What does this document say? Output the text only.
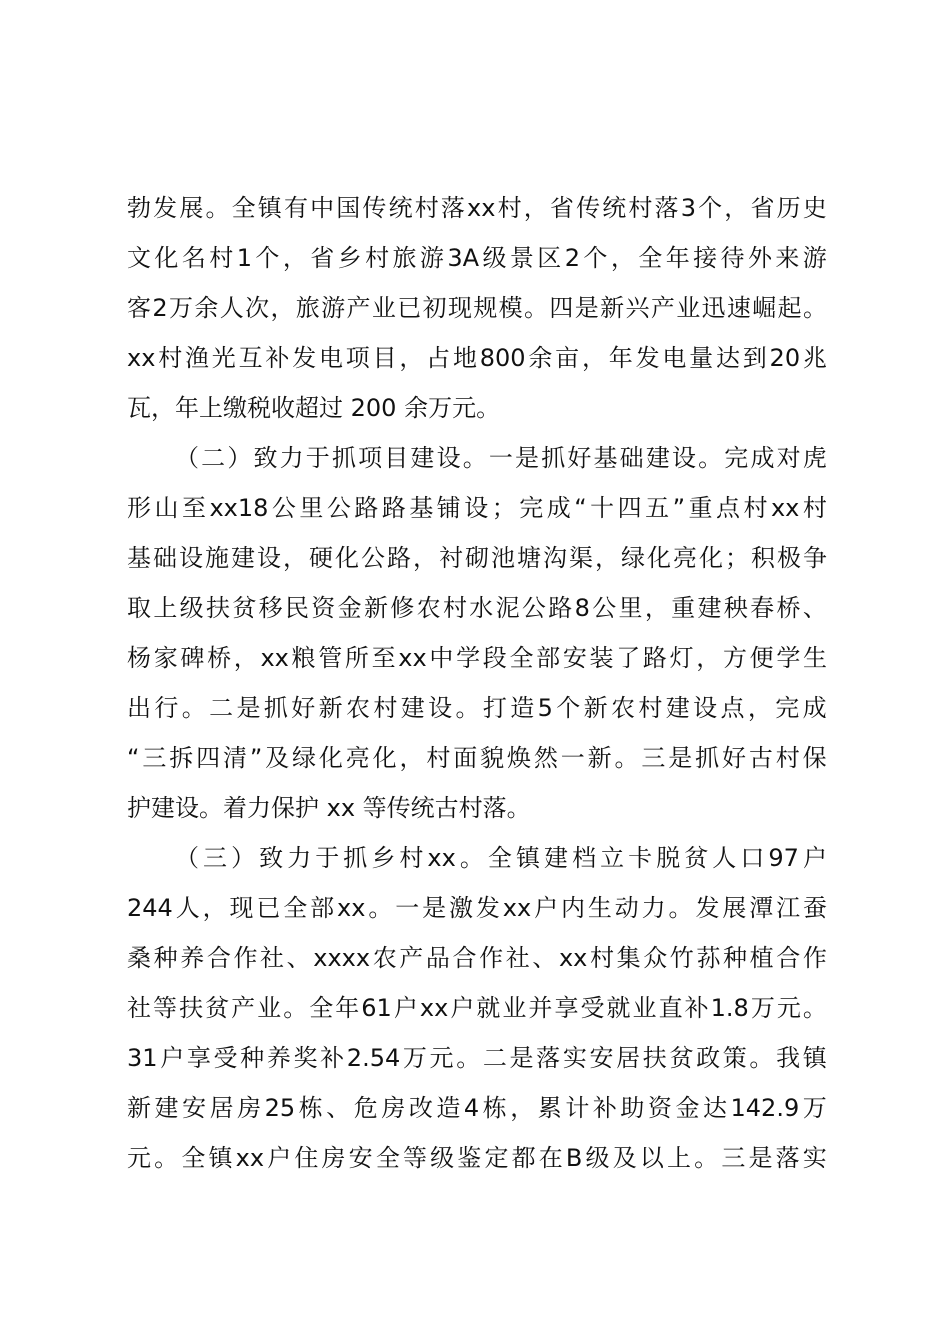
勃 发 展 。 全 镇 有 中 国 传 统 村 落 xx 村 ， 省 传 统 村 落 3 个 ， 省 历 史
文 化 名 村 1 个 ， 省 乡 村 旅 游 3A 级 景 区 2 个 ， 全 年 接 待 外 来 游
客 2 万 余 人 次 ， 旅 游 产 业 已 初 现 规 模 。 四 是 新 兴 产 业 迅 速 崛 起 。
xx 村 渔 光 互 补 发 电 项 目 ， 占 地 800 余 亩 ， 年 发 电 量 达 到 20 兆
瓦，年上缴税收超过 200 余万元。
（ 二 ） 致 力 于 抓 项 目 建 设 。 一 是 抓 好 基 础 建 设 。 完 成 对 虎
形 山 至 xx18 公 里 公 路 路 基 铺 设 ； 完 成 “ 十 四 五 ” 重 点 村 xx 村
基 础 设 施 建 设 ， 硬 化 公 路 ， 衬 砌 池 塘 沟 渠 ， 绿 化 亮 化 ； 积 极 争
取 上 级 扶 贫 移 民 资 金 新 修 农 村 水 泥 公 路 8 公 里 ， 重 建 秧 春 桥 、
杨 家 碑 桥 ， xx 粮 管 所 至 xx 中 学 段 全 部 安 装 了 路 灯 ， 方 便 学 生
出 行 。 二 是 抓 好 新 农 村 建 设 。 打 造 5 个 新 农 村 建 设 点 ， 完 成
“ 三 拆 四 清 ” 及 绿 化 亮 化 ， 村 面 貌 焕 然 一 新 。 三 是 抓 好 古 村 保
护建设。着力保护 xx 等传统古村落。
（ 三 ） 致 力 于 抓 乡 村 xx 。 全 镇 建 档 立 卡 脱 贫 人 口 97 户
244 人 ， 现 已 全 部 xx 。 一 是 激 发 xx 户 内 生 动 力 。 发 展 潭 江 蚕
桑 种 养 合 作 社 、 xxxx 农 产 品 合 作 社 、 xx 村 集 众 竹 荪 种 植 合 作
社 等 扶 贫 产 业 。 全 年 61 户 xx 户 就 业 并 享 受 就 业 直 补 1.8 万 元 。
31 户 享 受 种 养 奖 补 2.54 万 元 。 二 是 落 实 安 居 扶 贫 政 策 。 我 镇
新 建 安 居 房 25 栋 、 危 房 改 造 4 栋 ， 累 计 补 助 资 金 达 142.9 万
元 。 全 镇 xx 户 住 房 安 全 等 级 鉴 定 都 在 B 级 及 以 上 。 三 是 落 实
